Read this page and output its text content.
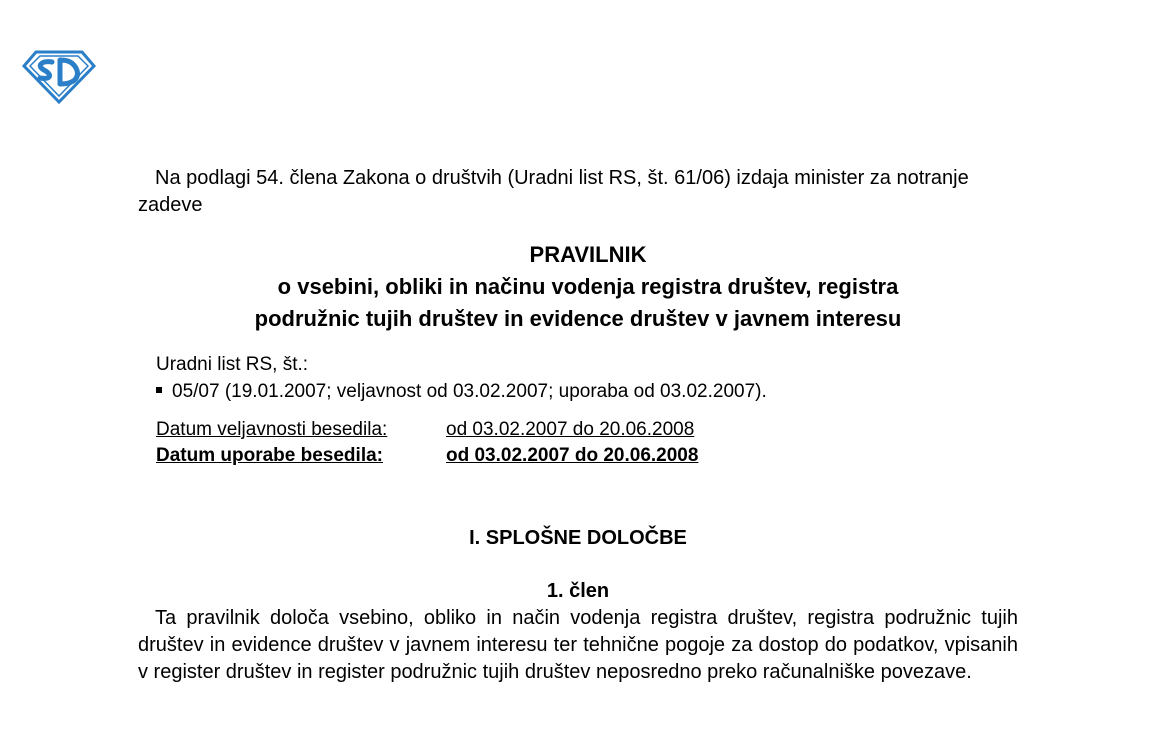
Na podlagi 54. člena Zakona o društvih (Uradni list RS, št. 61/06) izdaja minister za notranje zadeve

PRAVILNIK
o vsebini, obliki in načinu vodenja registra društev, registra
podružnic tujih društev in evidence društev v javnem interesu
Uradni list RS, št.:
05/07 (19.01.2007; veljavnost od 03.02.2007; uporaba od 03.02.2007).
Datum veljavnosti besedila:	od 03.02.2007 do 20.06.2008
Datum uporabe besedila:	od 03.02.2007 do 20.06.2008
I. SPLOŠNE DOLOČBE
1. člen

Ta pravilnik določa vsebino, obliko in način vodenja registra društev, registra podružnic tujih društev in evidence društev v javnem interesu ter tehnične pogoje za dostop do podatkov, vpisanih v register društev in register podružnic tujih društev neposredno preko računalniške povezave.
